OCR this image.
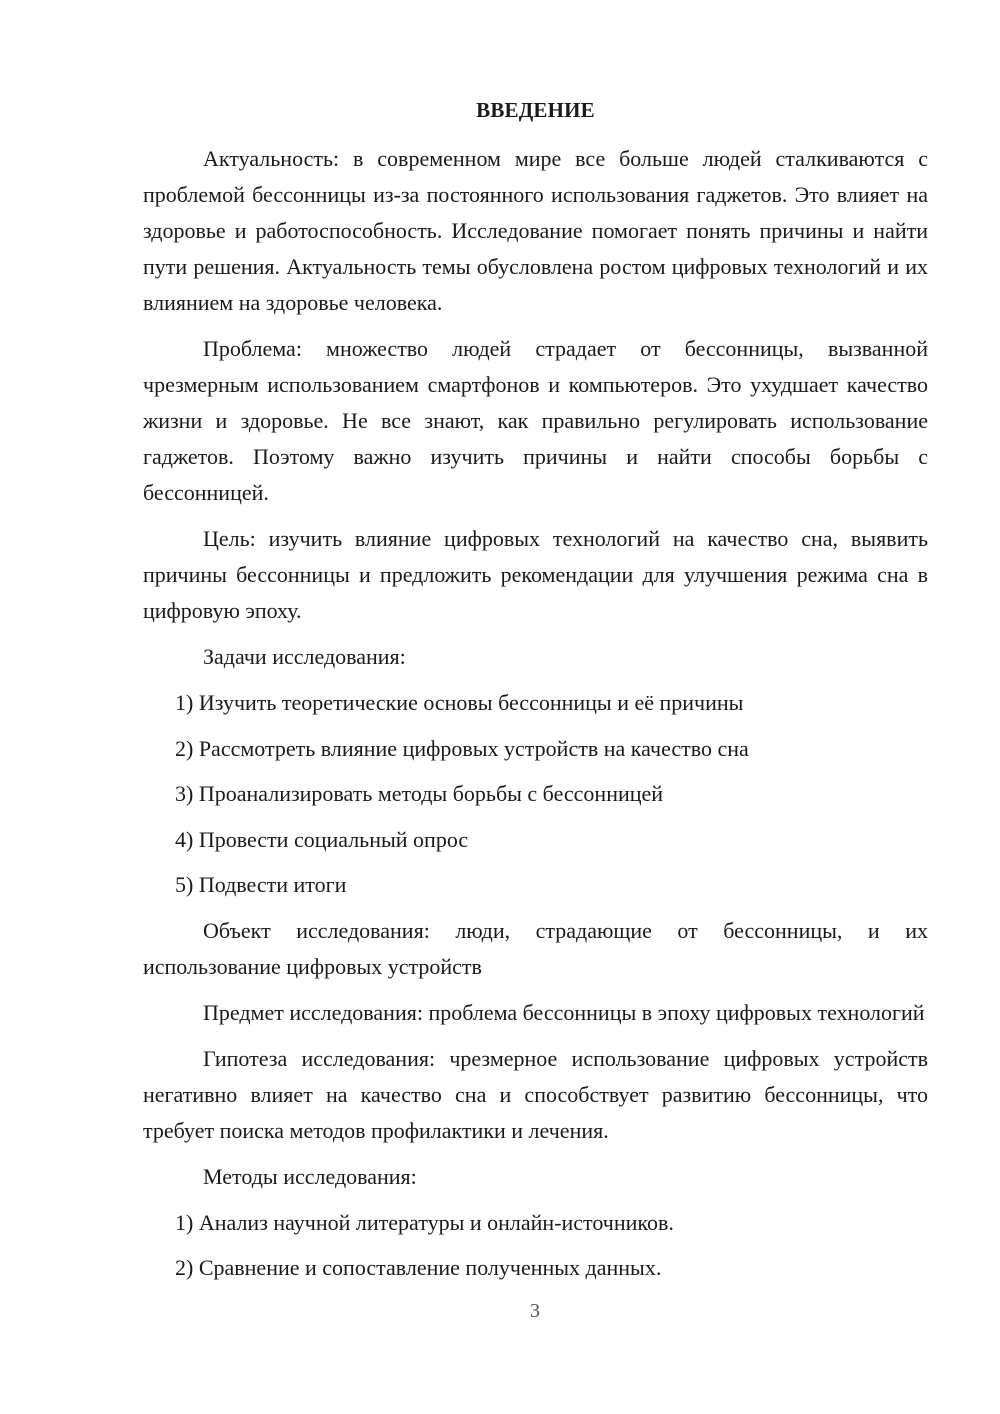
ВВЕДЕНИЕ

Актуальность: в современном мире все больше людей сталкиваются с проблемой бессонницы из-за постоянного использования гаджетов. Это влияет на здоровье и работоспособность. Исследование помогает понять причины и найти пути решения. Актуальность темы обусловлена ростом цифровых технологий и их влиянием на здоровье человека.

Проблема: множество людей страдает от бессонницы, вызванной чрезмерным использованием смартфонов и компьютеров. Это ухудшает качество жизни и здоровье. Не все знают, как правильно регулировать использование гаджетов. Поэтому важно изучить причины и найти способы борьбы с бессонницей.

Цель: изучить влияние цифровых технологий на качество сна, выявить причины бессонницы и предложить рекомендации для улучшения режима сна в цифровую эпоху.

Задачи исследования:

1) Изучить теоретические основы бессонницы и её причины
2) Рассмотреть влияние цифровых устройств на качество сна
3) Проанализировать методы борьбы с бессонницей
4) Провести социальный опрос
5) Подвести итоги

Объект исследования: люди, страдающие от бессонницы, и их использование цифровых устройств

Предмет исследования: проблема бессонницы в эпоху цифровых технологий

Гипотеза исследования: чрезмерное использование цифровых устройств негативно влияет на качество сна и способствует развитию бессонницы, что требует поиска методов профилактики и лечения.

Методы исследования:

1) Анализ научной литературы и онлайн-источников.
2) Сравнение и сопоставление полученных данных.
3
